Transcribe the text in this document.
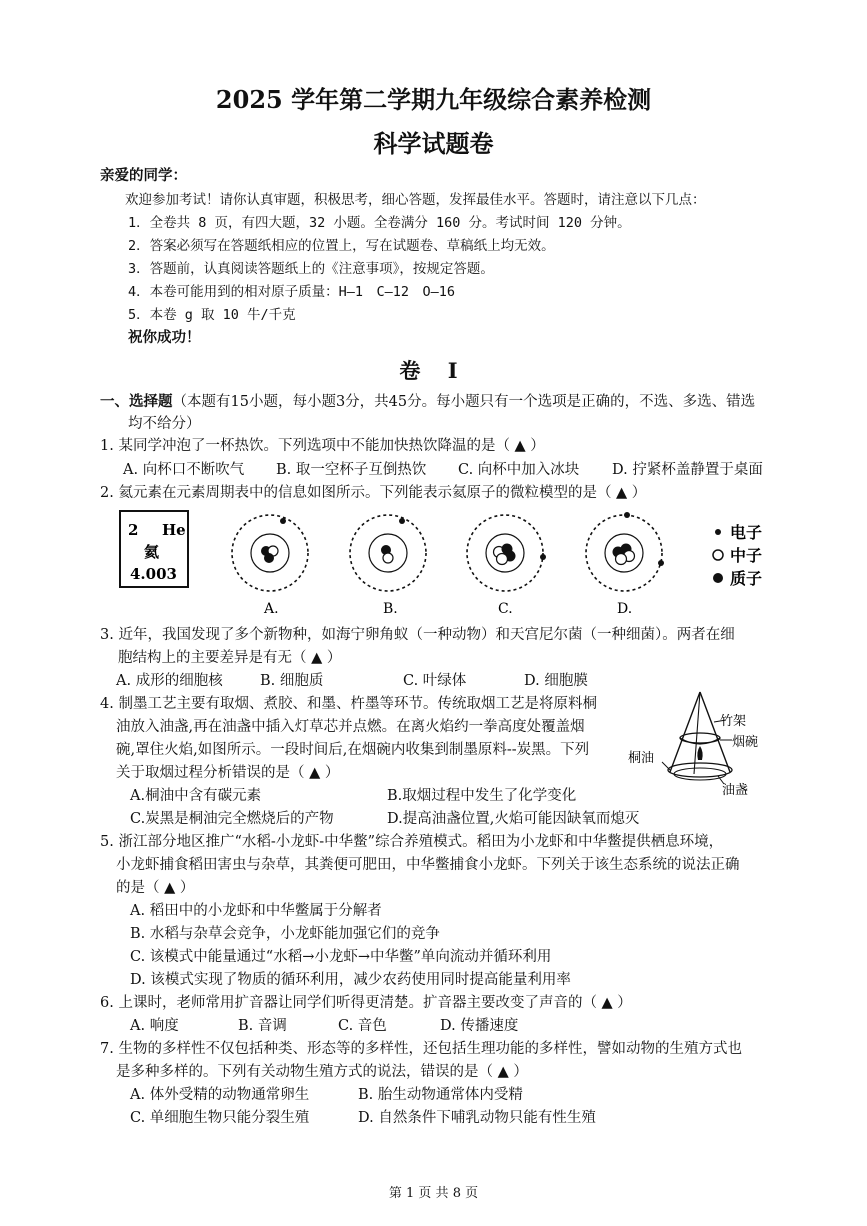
2025 学年第二学期九年级综合素养检测
科学试题卷
亲爱的同学：
欢迎参加考试！请你认真审题，积极思考，细心答题，发挥最佳水平。答题时，请注意以下几点：
1．全卷共 8 页，有四大题，32 小题。全卷满分 160 分。考试时间 120 分钟。
2．答案必须写在答题纸相应的位置上，写在试题卷、草稿纸上均无效。
3．答题前，认真阅读答题纸上的《注意事项》，按规定答题。
4．本卷可能用到的相对原子质量：H—1　C—12　O—16
5．本卷 g 取 10 牛/千克
祝你成功！
卷 Ⅰ
一、选择题（本题有15小题，每小题3分，共45分。每小题只有一个选项是正确的，不选、多选、错选
均不给分）
1. 某同学冲泡了一杯热饮。下列选项中不能加快热饮降温的是（ ▲ ）
A. 向杯口不断吹气 B. 取一空杯子互倒热饮 C. 向杯中加入冰块 D. 拧紧杯盖静置于桌面
2. 氦元素在元素周期表中的信息如图所示。下列能表示氦原子的微粒模型的是（ ▲ ）
2 He
氦
4.003
A.	B.	C.	D.
电子
中子
质子
3. 近年，我国发现了多个新物种，如海宁卵角蚁（一种动物）和天宫尼尔菌（一种细菌）。两者在细
胞结构上的主要差异是有无（ ▲ ）
A. 成形的细胞核	B. 细胞质	C. 叶绿体	D. 细胞膜
4. 制墨工艺主要有取烟、煮胶、和墨、杵墨等环节。传统取烟工艺是将原料桐
油放入油盏,再在油盏中插入灯草芯并点燃。在离火焰约一拳高度处覆盖烟
碗,罩住火焰,如图所示。一段时间后,在烟碗内收集到制墨原料--炭黑。下列
关于取烟过程分析错误的是（ ▲ ）
A.桐油中含有碳元素	B.取烟过程中发生了化学变化
C.炭黑是桐油完全燃烧后的产物	D.提高油盏位置,火焰可能因缺氧而熄灭
竹架
烟碗
桐油
油盏
5. 浙江部分地区推广“水稻-小龙虾-中华鳖”综合养殖模式。稻田为小龙虾和中华鳖提供栖息环境，
小龙虾捕食稻田害虫与杂草，其粪便可肥田，中华鳖捕食小龙虾。下列关于该生态系统的说法正确
的是（ ▲ ）
A. 稻田中的小龙虾和中华鳖属于分解者
B. 水稻与杂草会竞争，小龙虾能加强它们的竞争
C. 该模式中能量通过“水稻→小龙虾→中华鳖”单向流动并循环利用
D. 该模式实现了物质的循环利用，减少农药使用同时提高能量利用率
6. 上课时，老师常用扩音器让同学们听得更清楚。扩音器主要改变了声音的（ ▲ ）
A. 响度	B. 音调	C. 音色	D. 传播速度
7. 生物的多样性不仅包括种类、形态等的多样性，还包括生理功能的多样性，譬如动物的生殖方式也
是多种多样的。下列有关动物生殖方式的说法，错误的是（ ▲ ）
A. 体外受精的动物通常卵生	B. 胎生动物通常体内受精
C. 单细胞生物只能分裂生殖	D. 自然条件下哺乳动物只能有性生殖
第 1 页 共 8 页
